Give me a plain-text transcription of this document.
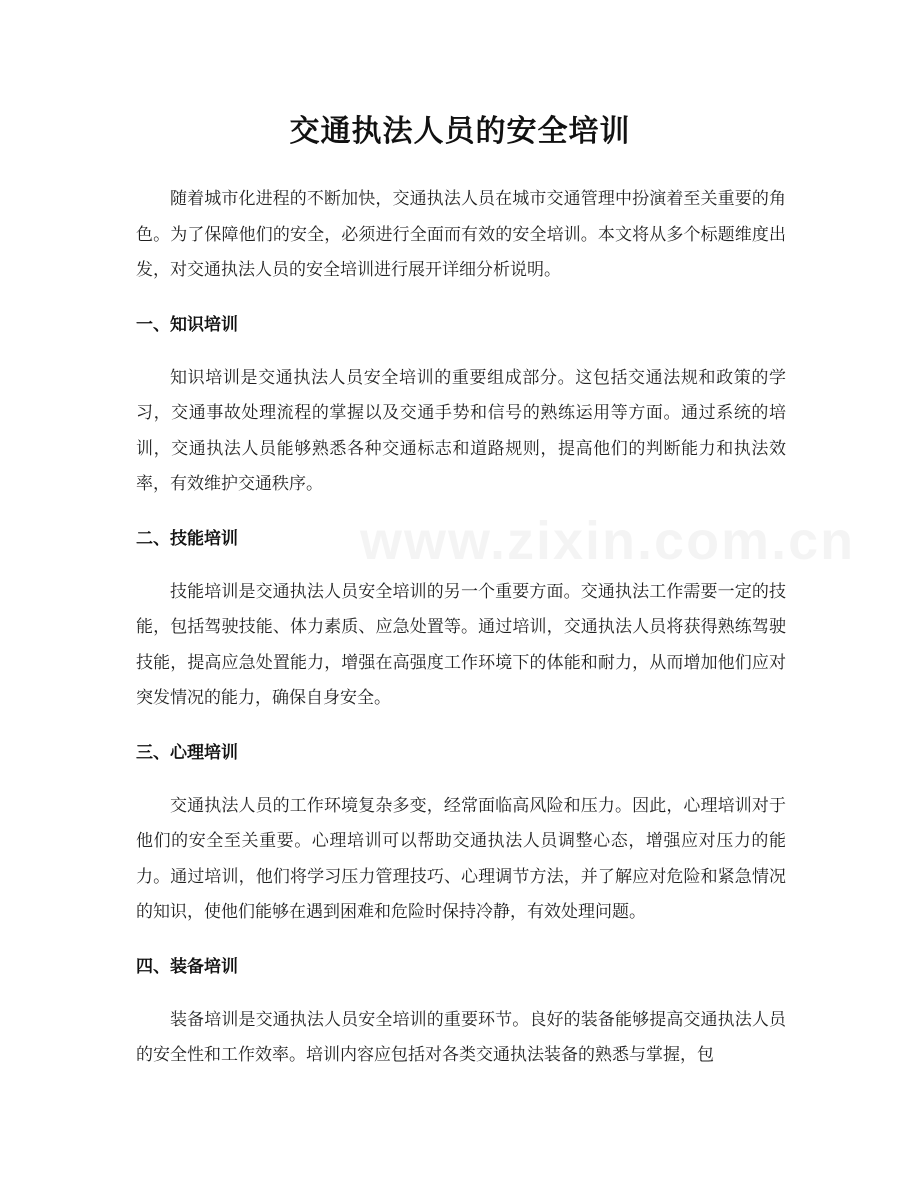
交通执法人员的安全培训

随着城市化进程的不断加快，交通执法人员在城市交通管理中扮演着至关重要的角色。为了保障他们的安全，必须进行全面而有效的安全培训。本文将从多个标题维度出发，对交通执法人员的安全培训进行展开详细分析说明。

一、知识培训

知识培训是交通执法人员安全培训的重要组成部分。这包括交通法规和政策的学习，交通事故处理流程的掌握以及交通手势和信号的熟练运用等方面。通过系统的培训，交通执法人员能够熟悉各种交通标志和道路规则，提高他们的判断能力和执法效率，有效维护交通秩序。

二、技能培训

技能培训是交通执法人员安全培训的另一个重要方面。交通执法工作需要一定的技能，包括驾驶技能、体力素质、应急处置等。通过培训，交通执法人员将获得熟练驾驶技能，提高应急处置能力，增强在高强度工作环境下的体能和耐力，从而增加他们应对突发情况的能力，确保自身安全。

三、心理培训

交通执法人员的工作环境复杂多变，经常面临高风险和压力。因此，心理培训对于他们的安全至关重要。心理培训可以帮助交通执法人员调整心态，增强应对压力的能力。通过培训，他们将学习压力管理技巧、心理调节方法，并了解应对危险和紧急情况的知识，使他们能够在遇到困难和危险时保持冷静，有效处理问题。

四、装备培训

装备培训是交通执法人员安全培训的重要环节。良好的装备能够提高交通执法人员的安全性和工作效率。培训内容应包括对各类交通执法装备的熟悉与掌握，包
